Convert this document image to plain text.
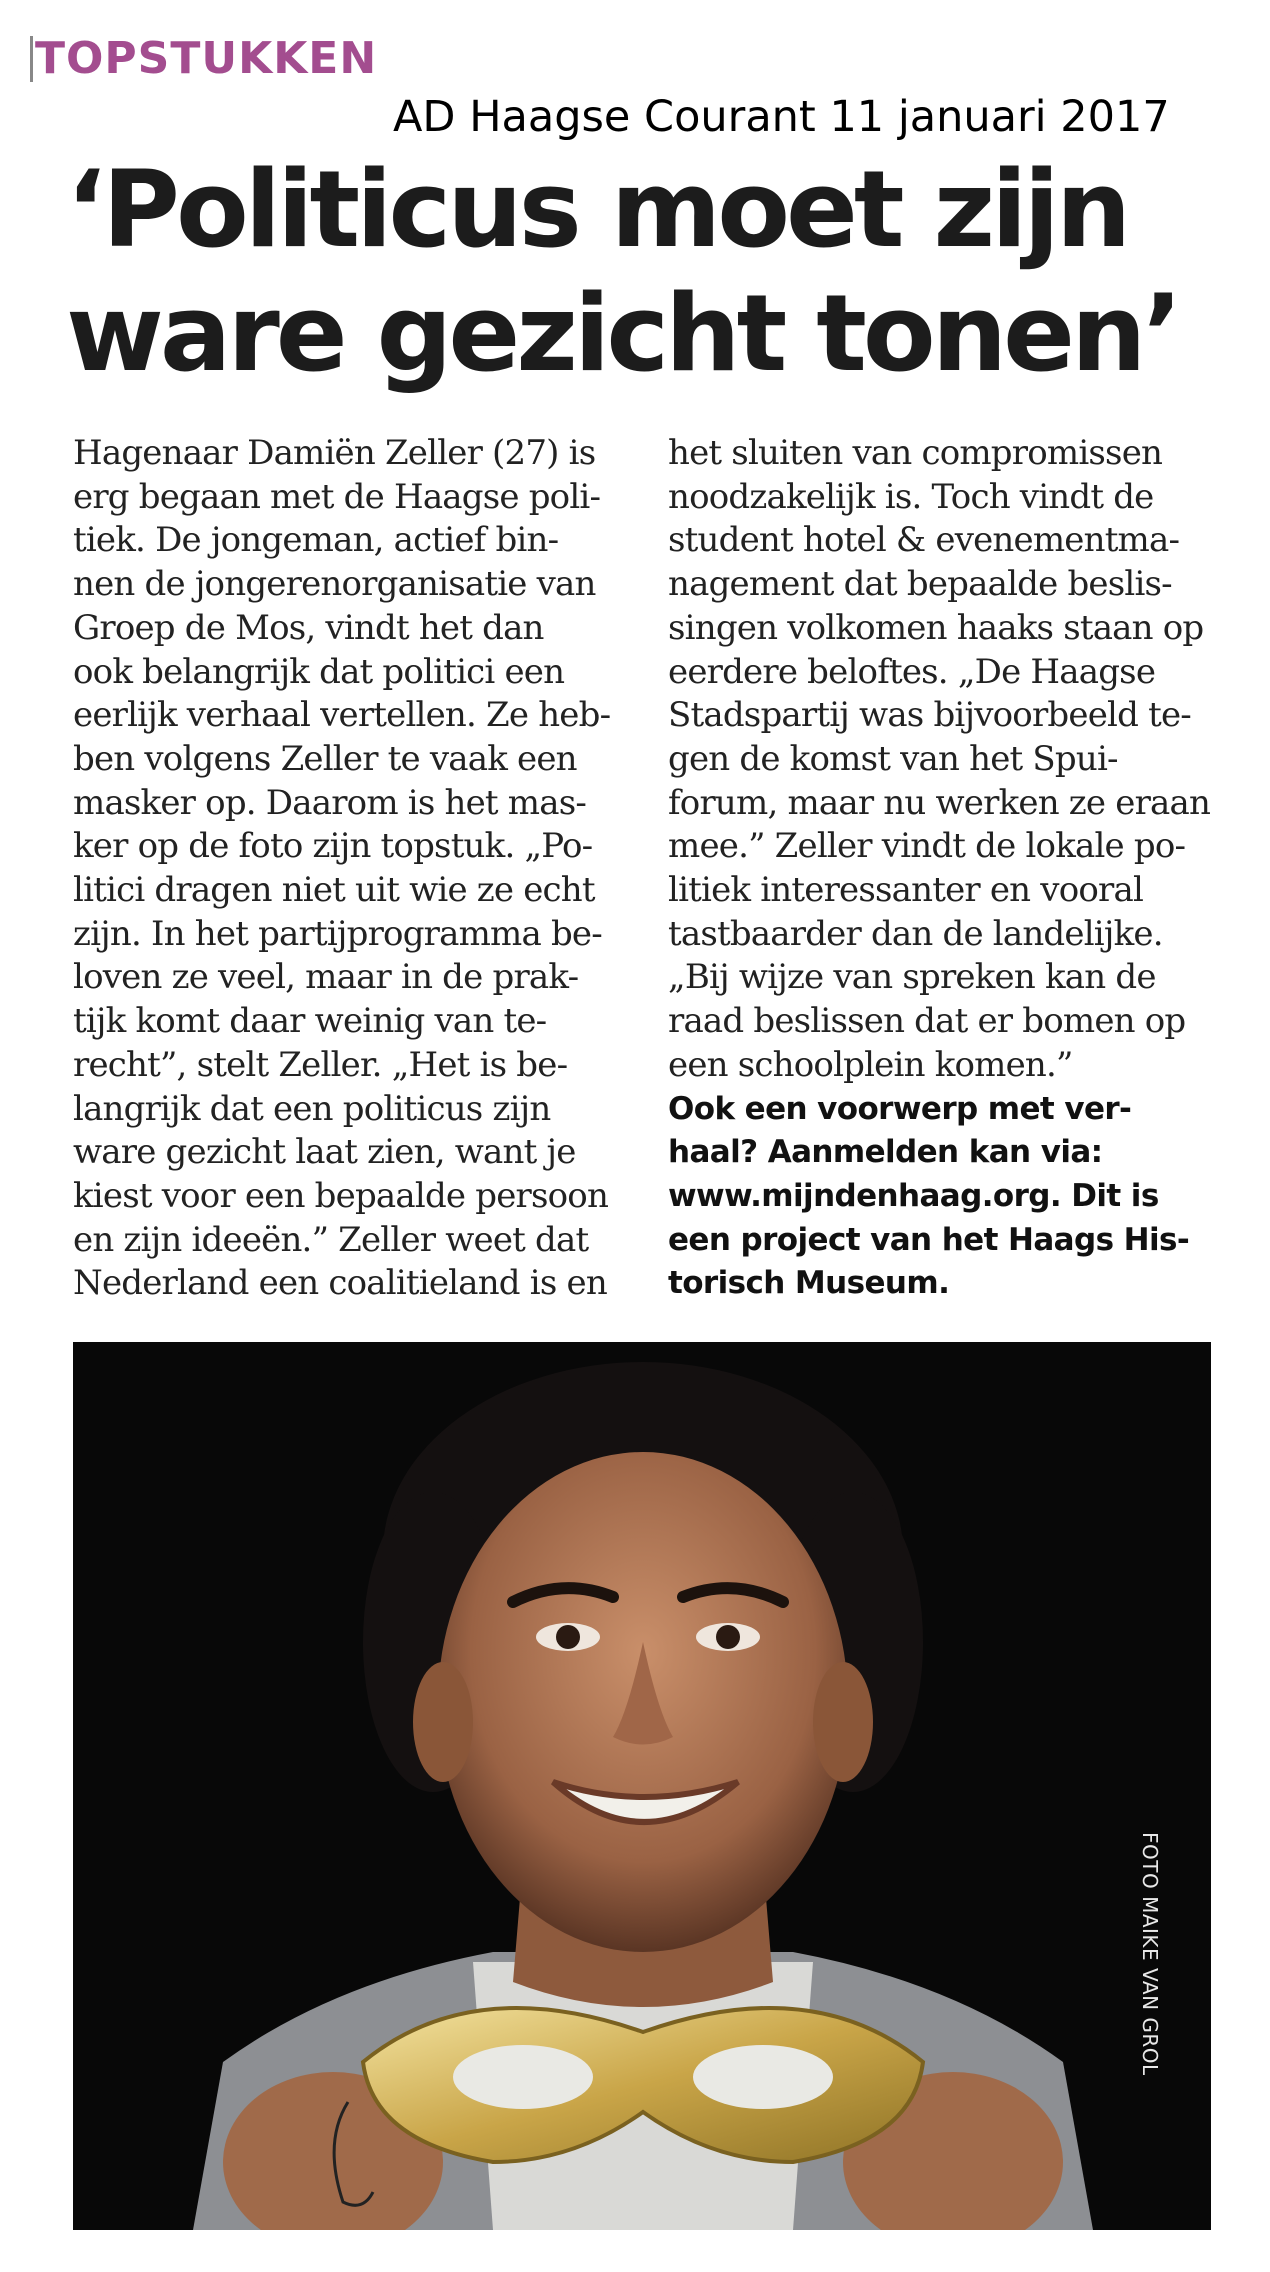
TOPSTUKKEN
AD Haagse Courant 11 januari 2017
‘Politicus moet zijn
ware gezicht tonen’
Hagenaar Damiën Zeller (27) is
erg begaan met de Haagse poli-
tiek. De jongeman, actief bin-
nen de jongerenorganisatie van
Groep de Mos, vindt het dan
ook belangrijk dat politici een
eerlijk verhaal vertellen. Ze heb-
ben volgens Zeller te vaak een
masker op. Daarom is het mas-
ker op de foto zijn topstuk. „Po-
litici dragen niet uit wie ze echt
zijn. In het partijprogramma be-
loven ze veel, maar in de prak-
tijk komt daar weinig van te-
recht”, stelt Zeller. „Het is be-
langrijk dat een politicus zijn
ware gezicht laat zien, want je
kiest voor een bepaalde persoon
en zijn ideeën.” Zeller weet dat
Nederland een coalitieland is en
het sluiten van compromissen
noodzakelijk is. Toch vindt de
student hotel & evenementma-
nagement dat bepaalde beslis-
singen volkomen haaks staan op
eerdere beloftes. „De Haagse
Stadspartij was bijvoorbeeld te-
gen de komst van het Spui-
forum, maar nu werken ze eraan
mee.” Zeller vindt de lokale po-
litiek interessanter en vooral
tastbaarder dan de landelijke.
„Bij wijze van spreken kan de
raad beslissen dat er bomen op
een schoolplein komen.”
Ook een voorwerp met ver-
haal? Aanmelden kan via:
www.mijndenhaag.org. Dit is
een project van het Haags His-
torisch Museum.
FOTO MAIKE VAN GROL
